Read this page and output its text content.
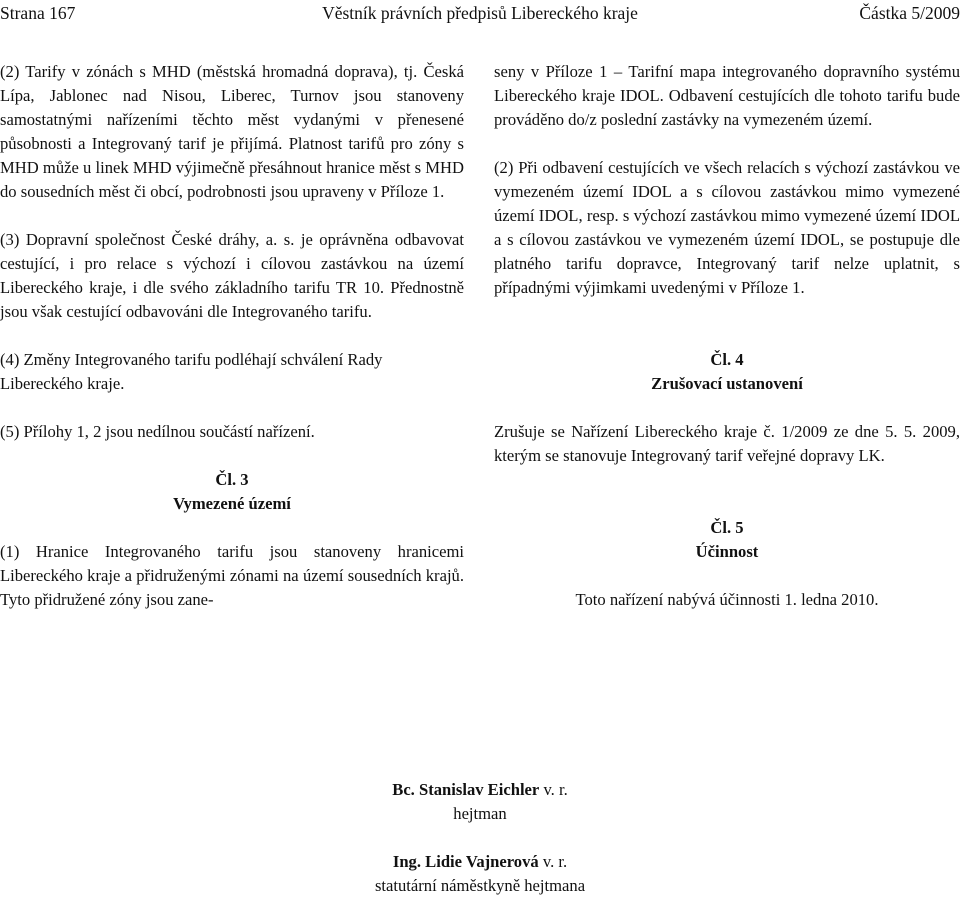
Věstník právních předpisů Libereckého kraje
Strana 167	Částka 5/2009

(2) Tarify v zónách s MHD (městská hromadná doprava), tj. Česká Lípa, Jablonec nad Nisou, Liberec, Turnov jsou stanoveny samostatnými nařízeními těchto měst vydanými v přenesené působnosti a Integrovaný tarif je přijímá. Platnost tarifů pro zóny s MHD může u linek MHD výjimečně přesáhnout hranice měst s MHD do sousedních měst či obcí, podrobnosti jsou upraveny v Příloze 1.

(3) Dopravní společnost České dráhy, a. s. je oprávněna odbavovat cestující, i pro relace s výchozí i cílovou zastávkou na území Libereckého kraje, i dle svého základního tarifu TR 10. Přednostně jsou však cestující odbavováni dle Integrovaného tarifu.

(4) Změny Integrovaného tarifu podléhají schválení Rady Libereckého kraje.

(5) Přílohy 1, 2 jsou nedílnou součástí nařízení.

Čl. 3
Vymezené území

(1) Hranice Integrovaného tarifu jsou stanoveny hranicemi Libereckého kraje a přidruženými zónami na území sousedních krajů. Tyto přidružené zóny jsou zane-

seny v Příloze 1 – Tarifní mapa integrovaného dopravního systému Libereckého kraje IDOL. Odbavení cestujících dle tohoto tarifu bude prováděno do/z poslední zastávky na vymezeném území.

(2) Při odbavení cestujících ve všech relacích s výchozí zastávkou ve vymezeném území IDOL a s cílovou zastávkou mimo vymezené území IDOL, resp. s výchozí zastávkou mimo vymezené území IDOL a s cílovou zastávkou ve vymezeném území IDOL, se postupuje dle platného tarifu dopravce, Integrovaný tarif nelze uplatnit, s případnými výjimkami uvedenými v Příloze 1.

Čl. 4
Zrušovací ustanovení

Zrušuje se Nařízení Libereckého kraje č. 1/2009 ze dne 5. 5. 2009, kterým se stanovuje Integrovaný tarif veřejné dopravy LK.

Čl. 5
Účinnost

Toto nařízení nabývá účinnosti 1. ledna 2010.

Bc. Stanislav Eichler v. r.
hejtman
Ing. Lidie Vajnerová v. r.
statutární náměstkyně hejtmana
